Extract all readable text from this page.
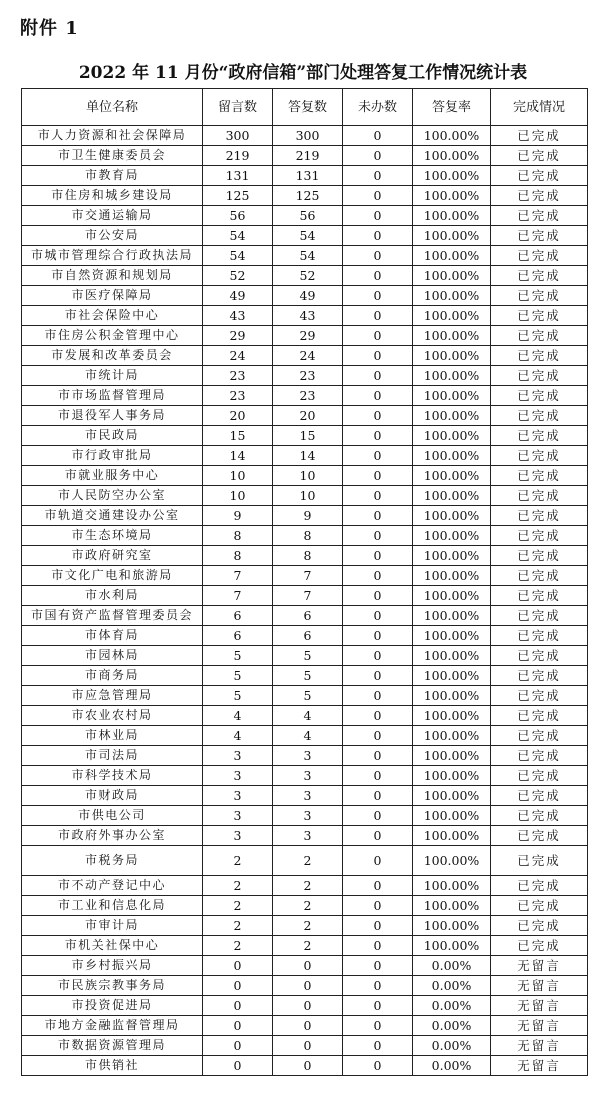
附件 1
2022 年 11 月份“政府信箱”部门处理答复工作情况统计表
单位名称	留言数	答复数	未办数	答复率	完成情况
市人力资源和社会保障局	300	300	0	100.00%	已完成
市卫生健康委员会	219	219	0	100.00%	已完成
市教育局	131	131	0	100.00%	已完成
市住房和城乡建设局	125	125	0	100.00%	已完成
市交通运输局	56	56	0	100.00%	已完成
市公安局	54	54	0	100.00%	已完成
市城市管理综合行政执法局	54	54	0	100.00%	已完成
市自然资源和规划局	52	52	0	100.00%	已完成
市医疗保障局	49	49	0	100.00%	已完成
市社会保险中心	43	43	0	100.00%	已完成
市住房公积金管理中心	29	29	0	100.00%	已完成
市发展和改革委员会	24	24	0	100.00%	已完成
市统计局	23	23	0	100.00%	已完成
市市场监督管理局	23	23	0	100.00%	已完成
市退役军人事务局	20	20	0	100.00%	已完成
市民政局	15	15	0	100.00%	已完成
市行政审批局	14	14	0	100.00%	已完成
市就业服务中心	10	10	0	100.00%	已完成
市人民防空办公室	10	10	0	100.00%	已完成
市轨道交通建设办公室	9	9	0	100.00%	已完成
市生态环境局	8	8	0	100.00%	已完成
市政府研究室	8	8	0	100.00%	已完成
市文化广电和旅游局	7	7	0	100.00%	已完成
市水利局	7	7	0	100.00%	已完成
市国有资产监督管理委员会	6	6	0	100.00%	已完成
市体育局	6	6	0	100.00%	已完成
市园林局	5	5	0	100.00%	已完成
市商务局	5	5	0	100.00%	已完成
市应急管理局	5	5	0	100.00%	已完成
市农业农村局	4	4	0	100.00%	已完成
市林业局	4	4	0	100.00%	已完成
市司法局	3	3	0	100.00%	已完成
市科学技术局	3	3	0	100.00%	已完成
市财政局	3	3	0	100.00%	已完成
市供电公司	3	3	0	100.00%	已完成
市政府外事办公室	3	3	0	100.00%	已完成
市税务局	2	2	0	100.00%	已完成
市不动产登记中心	2	2	0	100.00%	已完成
市工业和信息化局	2	2	0	100.00%	已完成
市审计局	2	2	0	100.00%	已完成
市机关社保中心	2	2	0	100.00%	已完成
市乡村振兴局	0	0	0	0.00%	无留言
市民族宗教事务局	0	0	0	0.00%	无留言
市投资促进局	0	0	0	0.00%	无留言
市地方金融监督管理局	0	0	0	0.00%	无留言
市数据资源管理局	0	0	0	0.00%	无留言
市供销社	0	0	0	0.00%	无留言
